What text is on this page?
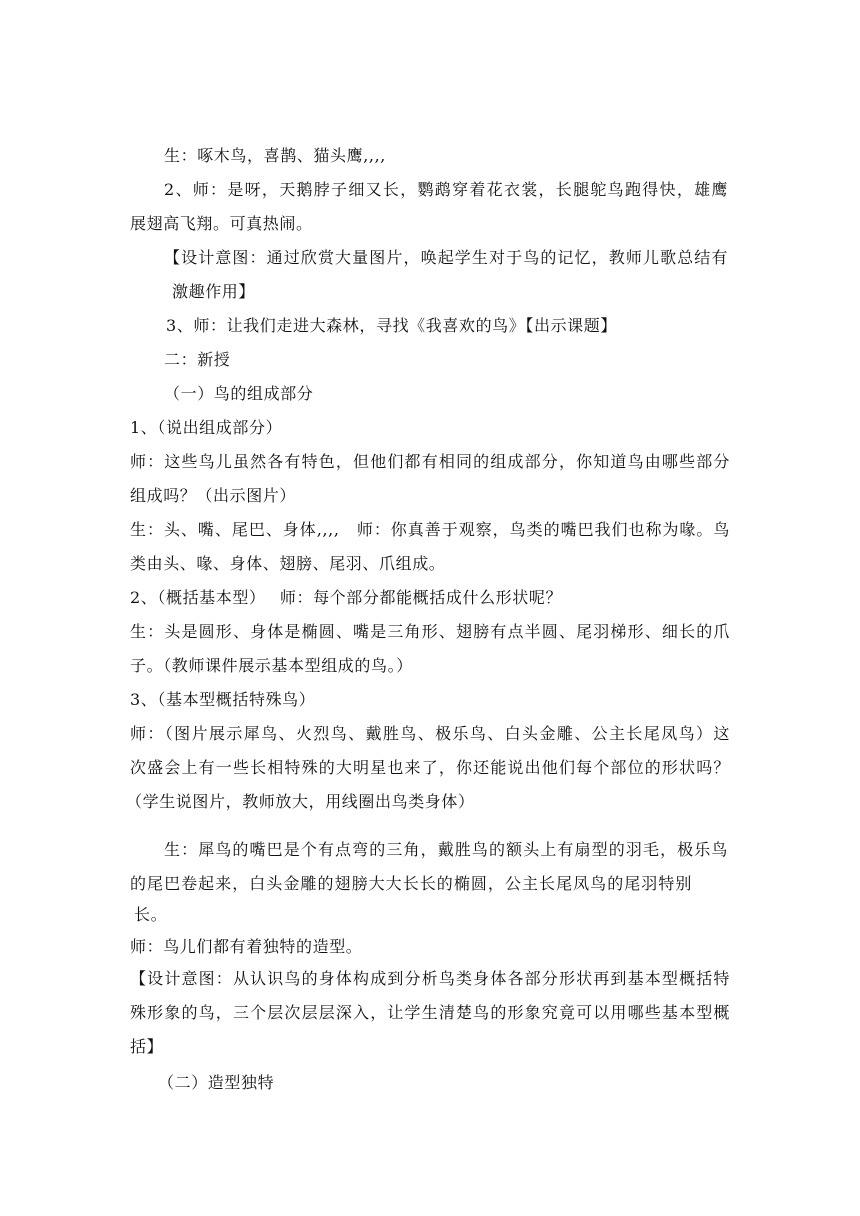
生：啄木鸟，喜鹊、猫头鹰,,,,
2、师：是呀，天鹅脖子细又长，鹦鹉穿着花衣裳，长腿鸵鸟跑得快，雄鹰
展翅高飞翔。可真热闹。
【设计意图：通过欣赏大量图片，唤起学生对于鸟的记忆，教师儿歌总结有
激趣作用】
3、师：让我们走进大森林，寻找《我喜欢的鸟》【出示课题】
二：新授
（一）鸟的组成部分
1、（说出组成部分）
师：这些鸟儿虽然各有特色，但他们都有相同的组成部分，你知道鸟由哪些部分
组成吗？（出示图片）
生：头、嘴、尾巴、身体,,,,　师：你真善于观察，鸟类的嘴巴我们也称为喙。鸟
类由头、喙、身体、翅膀、尾羽、爪组成。
2、（概括基本型）　 师：每个部分都能概括成什么形状呢？
生：头是圆形、身体是椭圆、嘴是三角形、翅膀有点半圆、尾羽梯形、细长的爪
子。（教师课件展示基本型组成的鸟。）
3、（基本型概括特殊鸟）
师：（图片展示犀鸟、火烈鸟、戴胜鸟、极乐鸟、白头金雕、公主长尾凤鸟）这
次盛会上有一些长相特殊的大明星也来了，你还能说出他们每个部位的形状吗？
（学生说图片，教师放大，用线圈出鸟类身体）
生：犀鸟的嘴巴是个有点弯的三角，戴胜鸟的额头上有扇型的羽毛，极乐鸟
的尾巴卷起来，白头金雕的翅膀大大长长的椭圆，公主长尾凤鸟的尾羽特别
长。
师：鸟儿们都有着独特的造型。
【设计意图：从认识鸟的身体构成到分析鸟类身体各部分形状再到基本型概括特
殊形象的鸟，三个层次层层深入，让学生清楚鸟的形象究竟可以用哪些基本型概
括】
（二）造型独特
